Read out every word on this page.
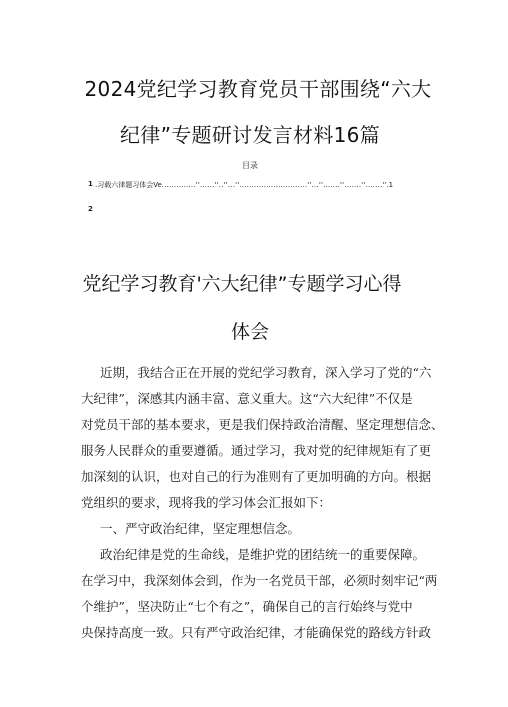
2024党纪学习教育党员干部围绕“六大
纪律”专题研讨发言材料16篇
目录
1 .习载六律题习体会Ve ..............''......''..''...''............................''...''.......''.......''....... ''.1
2
党纪学习教育'六大纪律”专题学习心得
体会
近期，我结合正在开展的党纪学习教育，深入学习了党的“六
大纪律”，深感其内涵丰富、意义重大。这“六大纪律”不仅是
对党员干部的基本要求，更是我们保持政治清醒、坚定理想信念、
服务人民群众的重要遵循。通过学习，我对党的纪律规矩有了更
加深刻的认识，也对自己的行为准则有了更加明确的方向。根据
党组织的要求，现将我的学习体会汇报如下：
一、严守政治纪律，坚定理想信念。
政治纪律是党的生命线，是维护党的团结统一的重要保障。
在学习中，我深刻体会到，作为一名党员干部，必须时刻牢记“两
个维护”，坚决防止“七个有之”，确保自己的言行始终与党中
央保持高度一致。只有严守政治纪律，才能确保党的路线方针政
